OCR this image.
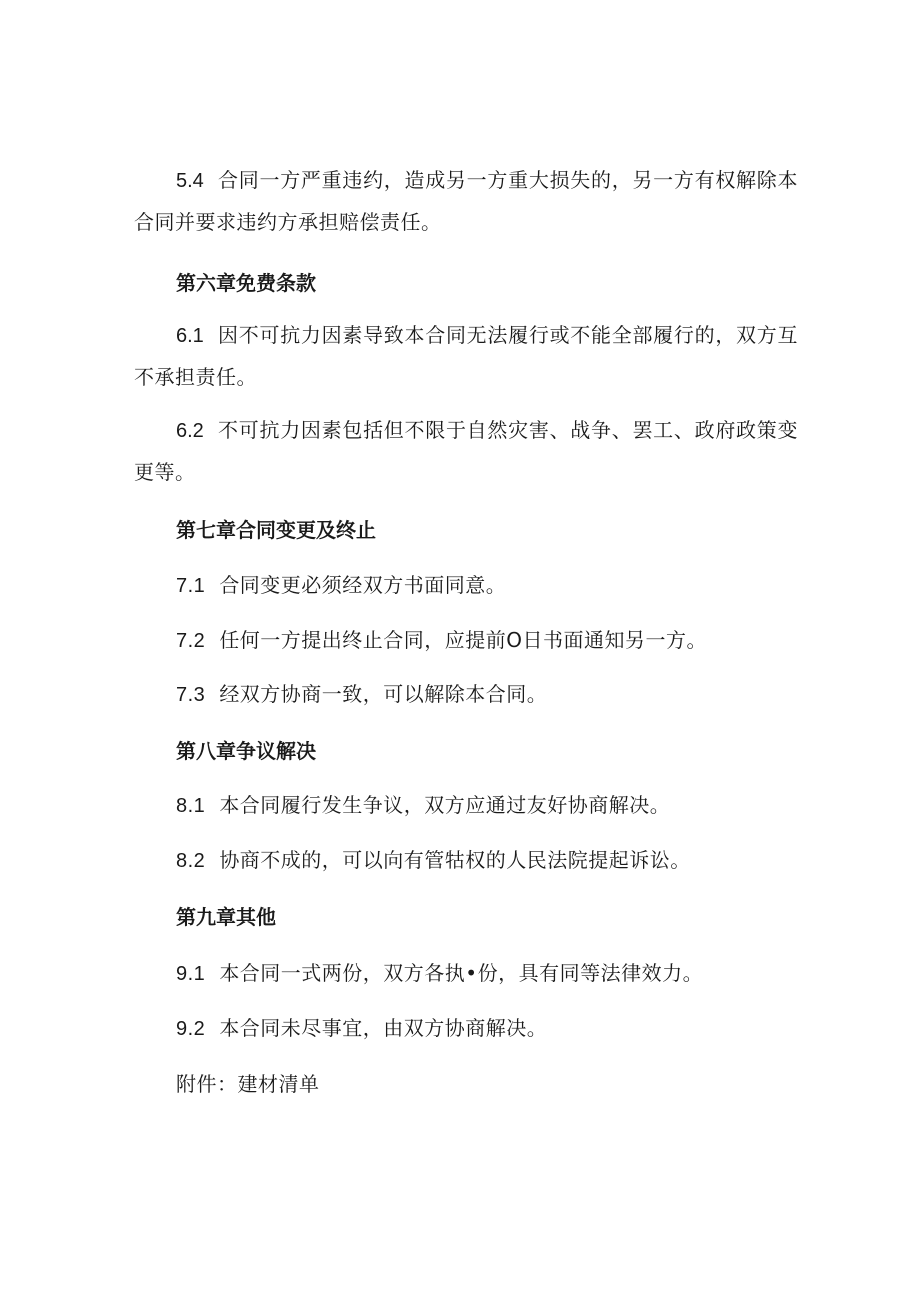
5.4 合同一方严重违约，造成另一方重大损失的，另一方有权解除本合同并要求违约方承担赔偿责任。

第六章免费条款

6.1 因不可抗力因素导致本合同无法履行或不能全部履行的，双方互不承担责任。

6.2 不可抗力因素包括但不限于自然灾害、战争、罢工、政府政策变更等。

第七章合同变更及终止

7.1 合同变更必须经双方书面同意。

7.2 任何一方提出终止合同，应提前O日书面通知另一方。

7.3 经双方协商一致，可以解除本合同。

第八章争议解决

8.1 本合同履行发生争议，双方应通过友好协商解决。

8.2 协商不成的，可以向有管牯权的人民法院提起诉讼。

第九章其他

9.1 本合同一式两份，双方各执•份，具有同等法律效力。

9.2 本合同未尽事宜，由双方协商解决。

附件：建材清单
